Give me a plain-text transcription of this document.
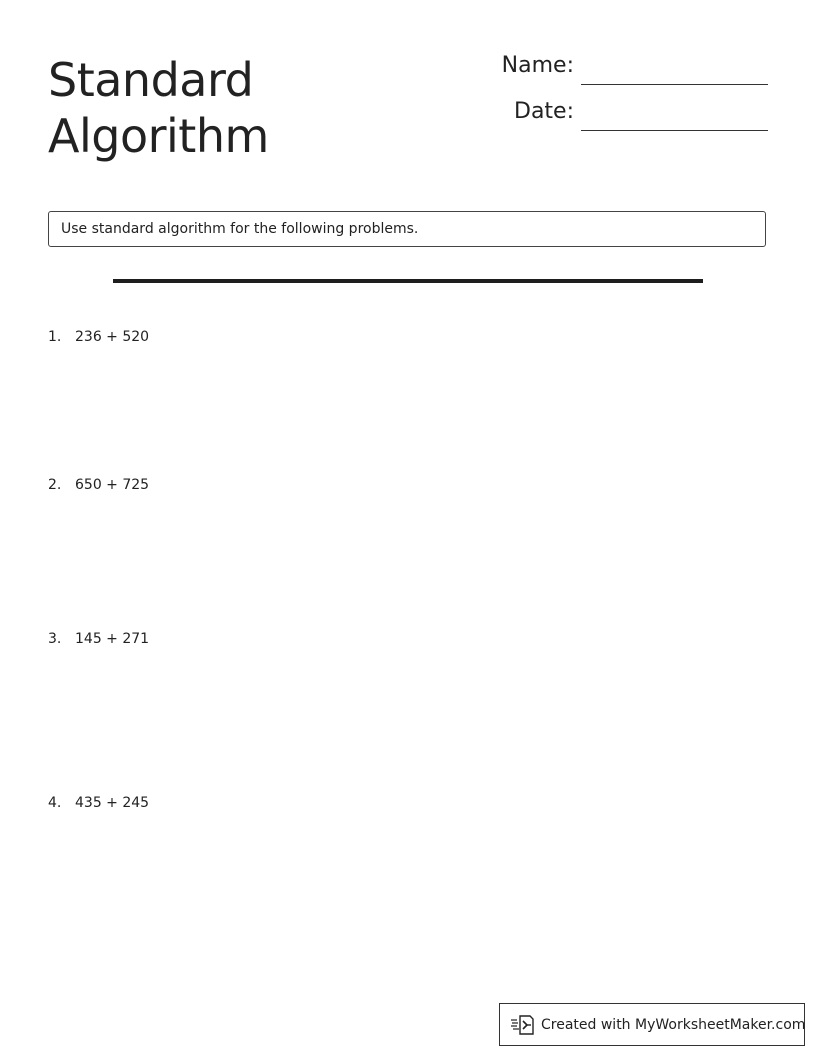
Standard
Algorithm
Name:
Date:
Use standard algorithm for the following problems.
1. 236 + 520
2. 650 + 725
3. 145 + 271
4. 435 + 245
Created with MyWorksheetMaker.com
